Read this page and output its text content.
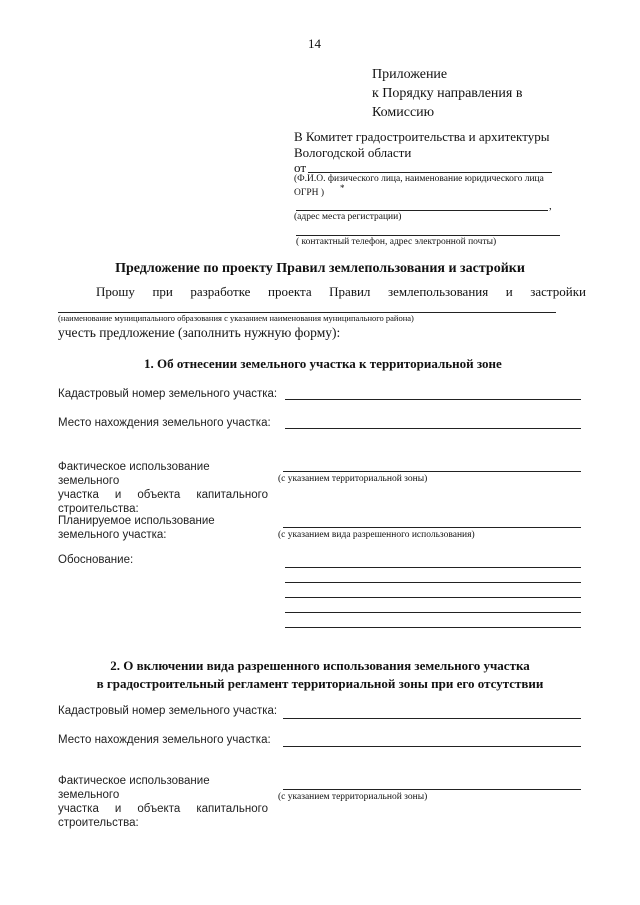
14
Приложение
к Порядку направления в
Комиссию
В Комитет градостроительства и архитектуры
Вологодской области
от
(Ф.И.О. физического лица, наименование юридического лица
*
ОГРН )
,
(адрес места регистрации)
( контактный телефон, адрес электронной почты)
Предложение по проекту Правил землепользования и застройки
Прошу при разработке проекта Правил землепользования и застройки
(наименование муниципального образования с указанием наименования муниципального района)
учесть предложение (заполнить нужную форму):
1. Об отнесении земельного участка к территориальной зоне
Кадастровый номер земельного участка:
Место нахождения земельного участка:
Фактическое использование земельного
участка и объекта капитального
строительства:
(с указанием территориальной зоны)
Планируемое использование
земельного участка:	(с указанием вида разрешенного использования)
Обоснование:
2. О включении вида разрешенного использования земельного участка
в градостроительный регламент территориальной зоны при его отсутствии
Кадастровый номер земельного участка:
Место нахождения земельного участка:
Фактическое использование земельного
участка и объекта капитального
строительства:
(с указанием территориальной зоны)
